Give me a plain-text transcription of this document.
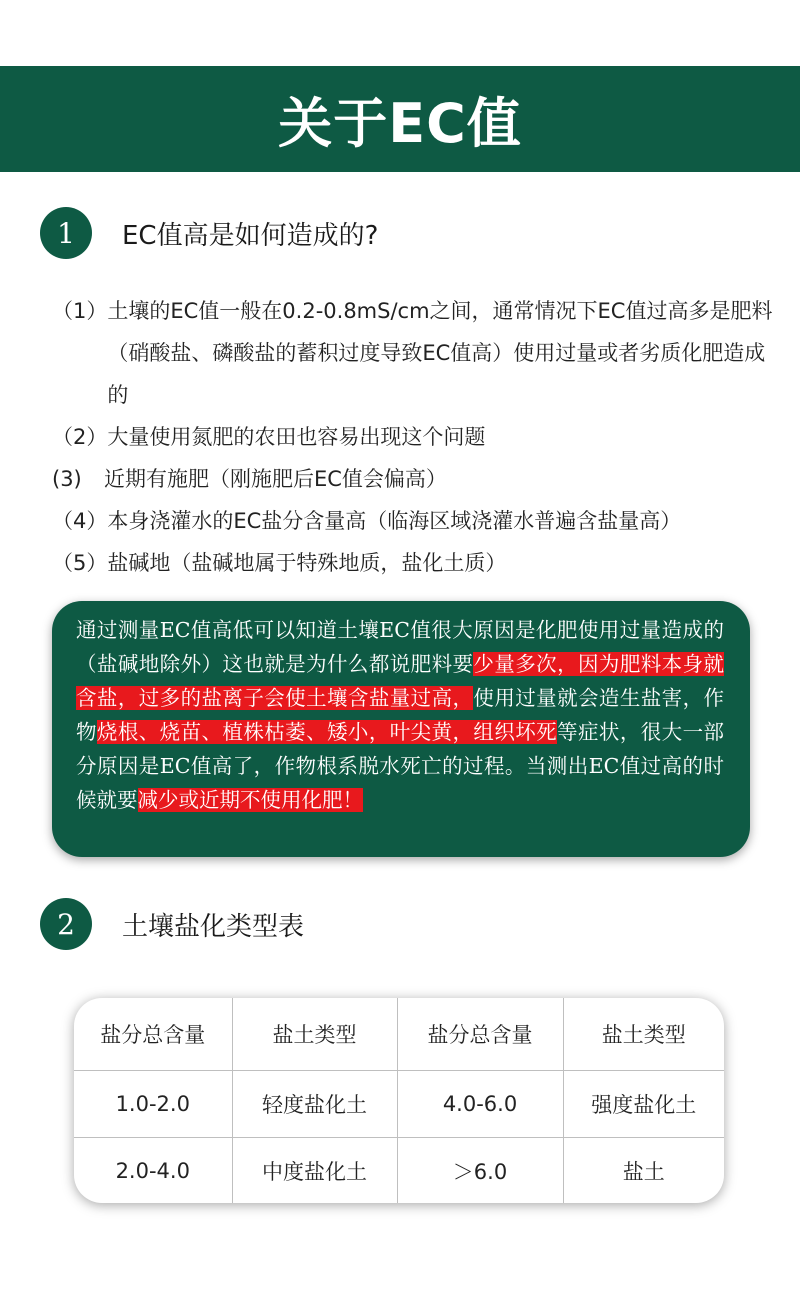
关于EC值
1	EC值高是如何造成的?
（1） 土壤的EC值一般在0.2-0.8mS/cm之间，通常情况下EC值过高多是肥料（硝酸盐、磷酸盐的蓄积过度导致EC值高）使用过量或者劣质化肥造成的
（2） 大量使用氮肥的农田也容易出现这个问题
(3)	近期有施肥（刚施肥后EC值会偏高）
（4） 本身浇灌水的EC盐分含量高（临海区域浇灌水普遍含盐量高）
（5） 盐碱地（盐碱地属于特殊地质，盐化土质）

通过测量EC值高低可以知道土壤EC值很大原因是化肥使用过量造成的（盐碱地除外）这也就是为什么都说肥料要少量多次，因为肥料本身就含盐，过多的盐离子会使土壤含盐量过高，使用过量就会造生盐害，作物烧根、烧苗、植株枯萎、矮小，叶尖黄，组织坏死等症状，很大一部分原因是EC值高了，作物根系脱水死亡的过程。当测出EC值过高的时候就要减少或近期不使用化肥！

2	土壤盐化类型表
盐分总含量	盐土类型	盐分总含量	盐土类型
1.0-2.0	轻度盐化土	4.0-6.0	强度盐化土
2.0-4.0	中度盐化土	＞6.0	盐土
